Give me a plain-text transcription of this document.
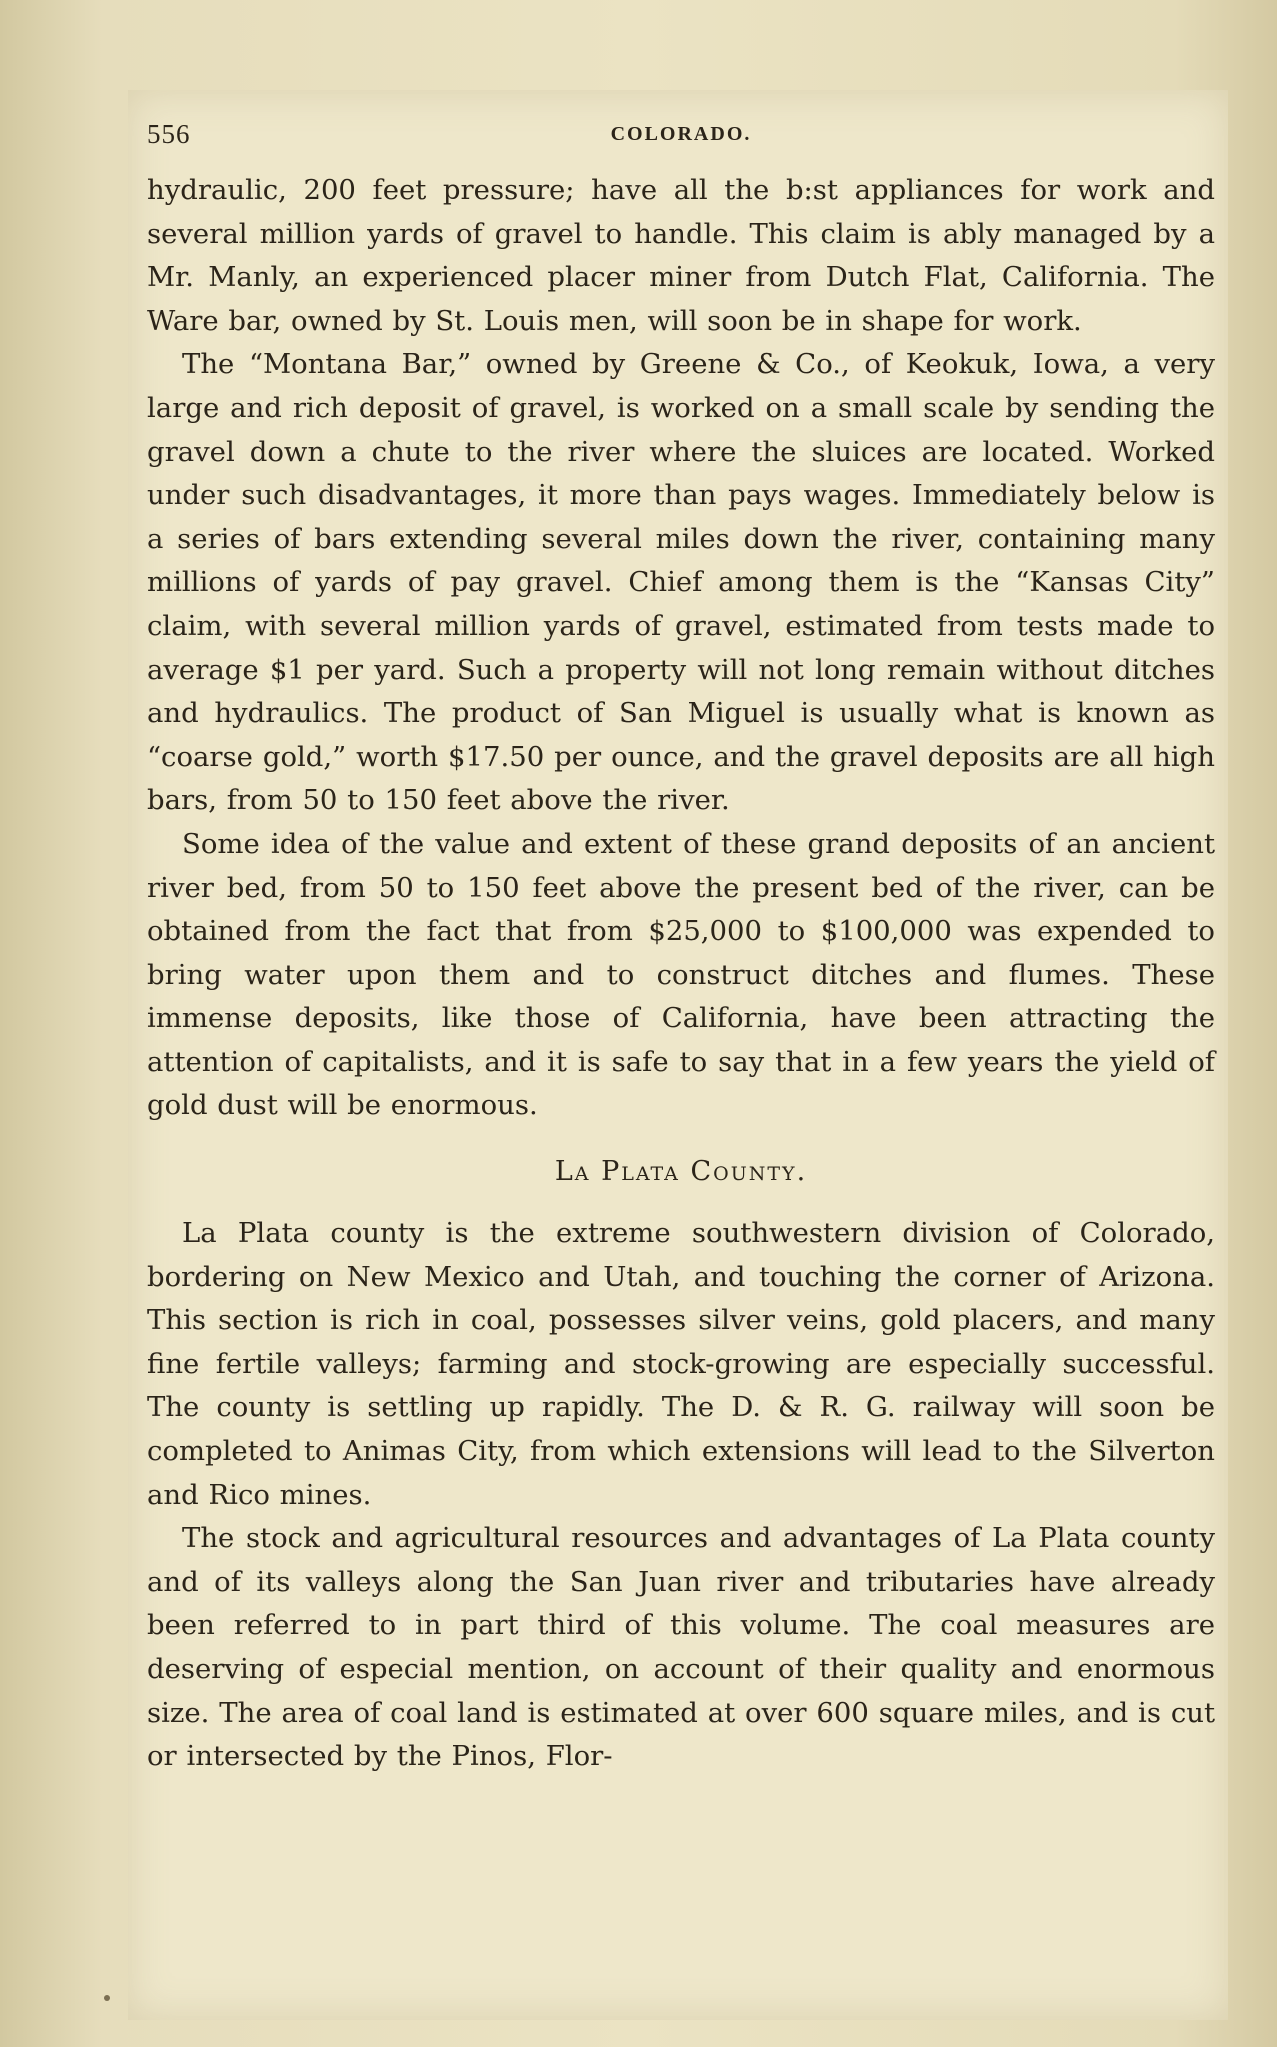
556	COLORADO.

hydraulic, 200 feet pressure; have all the b:st appliances for work and several million yards of gravel to handle. This claim is ably managed by a Mr. Manly, an experienced placer miner from Dutch Flat, California. The Ware bar, owned by St. Louis men, will soon be in shape for work.

The “Montana Bar,” owned by Greene & Co., of Keokuk, Iowa, a very large and rich deposit of gravel, is worked on a small scale by sending the gravel down a chute to the river where the sluices are located. Worked under such disadvantages, it more than pays wages. Immediately below is a series of bars extending several miles down the river, containing many millions of yards of pay gravel. Chief among them is the “Kansas City” claim, with several million yards of gravel, estimated from tests made to average $1 per yard. Such a property will not long remain without ditches and hydraulics. The product of San Miguel is usually what is known as “coarse gold,” worth $17.50 per ounce, and the gravel deposits are all high bars, from 50 to 150 feet above the river.

Some idea of the value and extent of these grand deposits of an ancient river bed, from 50 to 150 feet above the present bed of the river, can be obtained from the fact that from $25,000 to $100,000 was expended to bring water upon them and to construct ditches and flumes. These immense deposits, like those of California, have been attracting the attention of capitalists, and it is safe to say that in a few years the yield of gold dust will be enormous.

La Plata County.

La Plata county is the extreme southwestern division of Colorado, bordering on New Mexico and Utah, and touching the corner of Arizona. This section is rich in coal, possesses silver veins, gold placers, and many fine fertile valleys; farming and stock-growing are especially successful. The county is settling up rapidly. The D. & R. G. railway will soon be completed to Animas City, from which extensions will lead to the Silverton and Rico mines.

The stock and agricultural resources and advantages of La Plata county and of its valleys along the San Juan river and tributaries have already been referred to in part third of this volume. The coal measures are deserving of especial mention, on account of their quality and enormous size. The area of coal land is estimated at over 600 square miles, and is cut or intersected by the Pinos, Flor-
